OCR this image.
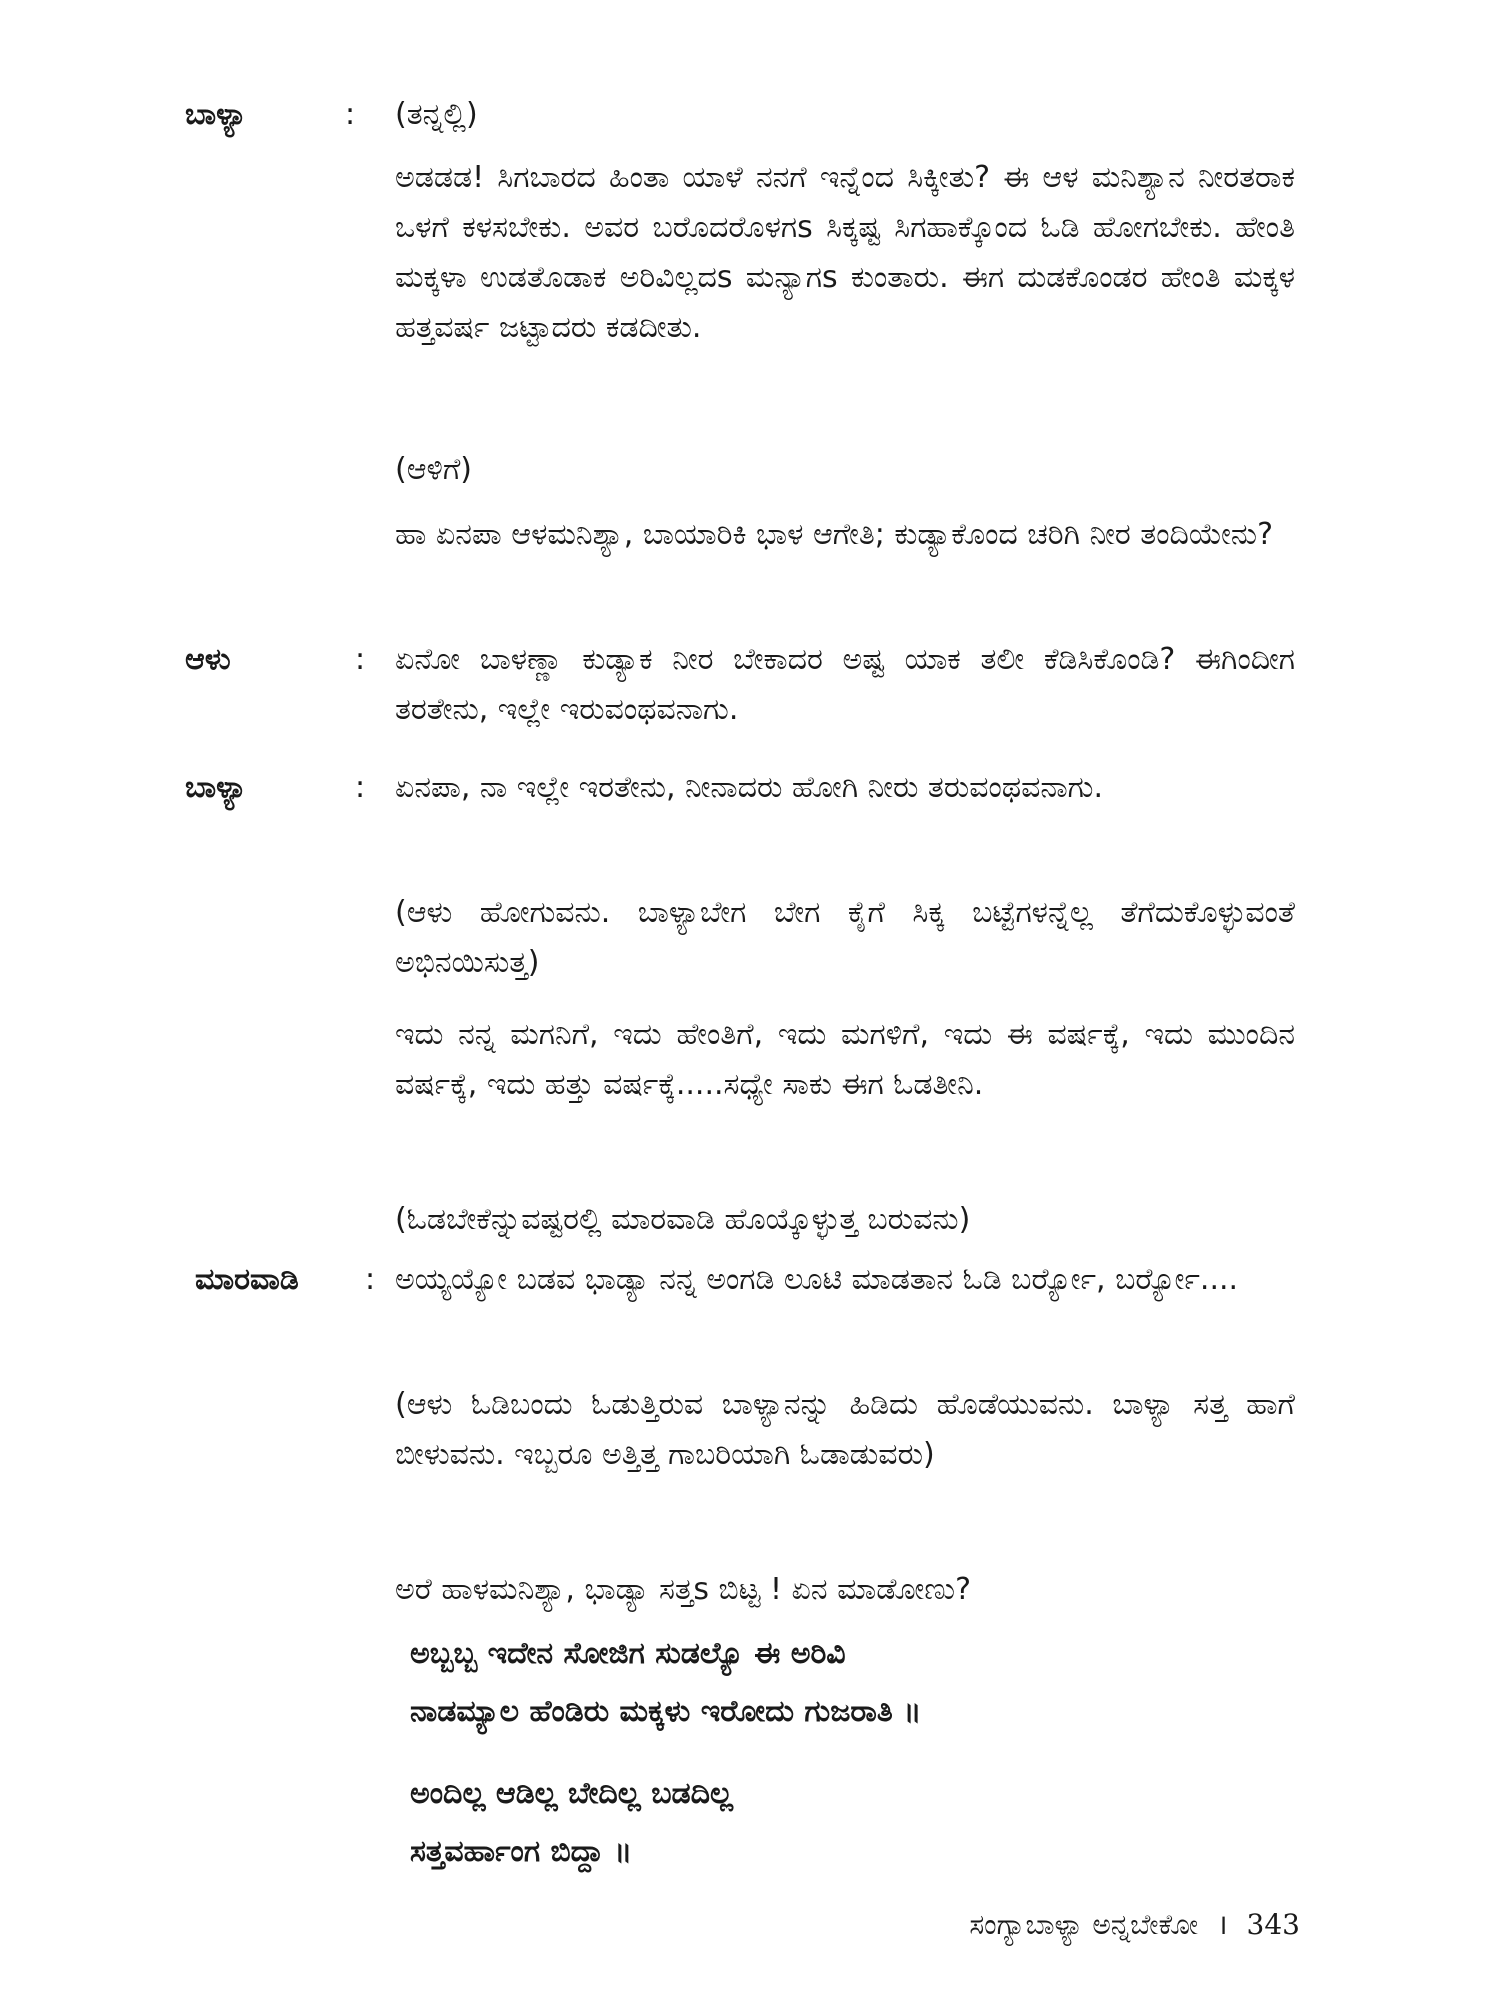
ಬಾಳ್ಯಾ	: (ತನ್ನಲ್ಲಿ)

ಅಡಡಡ! ಸಿಗಬಾರದ ಹಿಂತಾ ಯಾಳೆ ನನಗೆ ಇನ್ನೆಂದ ಸಿಕ್ಕೀತು? ಈ ಆಳ ಮನಿಶ್ಯಾನ ನೀರತರಾಕ ಒಳಗೆ ಕಳಸಬೇಕು. ಅವರ ಬರೊದರೊಳಗs ಸಿಕ್ಕಷ್ಟ ಸಿಗಹಾಕ್ಕೊಂದ ಓಡಿ ಹೋಗಬೇಕು. ಹೇಂತಿ ಮಕ್ಕಳಾ ಉಡತೊಡಾಕ ಅರಿವಿಲ್ಲದs ಮನ್ಯಾಗs ಕುಂತಾರು. ಈಗ ದುಡಕೊಂಡರ ಹೇಂತಿ ಮಕ್ಕಳ ಹತ್ತವರ್ಷ ಜಟ್ಟಾದರು ಕಡದೀತು.

(ಆಳಿಗೆ)

ಹಾ ಏನಪಾ ಆಳಮನಿಶ್ಯಾ, ಬಾಯಾರಿಕಿ ಭಾಳ ಆಗೇತಿ; ಕುಡ್ಯಾಕೊಂದ ಚರಿಗಿ ನೀರ ತಂದಿಯೇನು?

ಆಳು	: ಏನೋ ಬಾಳಣ್ಣಾ ಕುಡ್ಯಾಕ ನೀರ ಬೇಕಾದರ ಅಷ್ಟ ಯಾಕ ತಲೀ ಕೆಡಿಸಿಕೊಂಡಿ? ಈಗಿಂದೀಗ ತರತೇನು, ಇಲ್ಲೇ ಇರುವಂಥವನಾಗು.

ಬಾಳ್ಯಾ	: ಏನಪಾ, ನಾ ಇಲ್ಲೇ ಇರತೇನು, ನೀನಾದರು ಹೋಗಿ ನೀರು ತರುವಂಥವನಾಗು.

(ಆಳು ಹೋಗುವನು. ಬಾಳ್ಯಾಬೇಗ ಬೇಗ ಕೈಗೆ ಸಿಕ್ಕ ಬಟ್ಟೆಗಳನ್ನೆಲ್ಲ ತೆಗೆದುಕೊಳ್ಳುವಂತೆ ಅಭಿನಯಿಸುತ್ತ)

ಇದು ನನ್ನ ಮಗನಿಗೆ, ಇದು ಹೇಂತಿಗೆ, ಇದು ಮಗಳಿಗೆ, ಇದು ಈ ವರ್ಷಕ್ಕೆ, ಇದು ಮುಂದಿನ ವರ್ಷಕ್ಕೆ, ಇದು ಹತ್ತು ವರ್ಷಕ್ಕೆ.....ಸಧ್ಯೇ ಸಾಕು ಈಗ ಓಡತೀನಿ.

(ಓಡಬೇಕೆನ್ನುವಷ್ಟರಲ್ಲಿ ಮಾರವಾಡಿ ಹೊಯ್ಕೊಳ್ಳುತ್ತ ಬರುವನು)

ಮಾರವಾಡಿ	: ಅಯ್ಯಯ್ಯೋ ಬಡವ ಭಾಡ್ಯಾ ನನ್ನ ಅಂಗಡಿ ಲೂಟಿ ಮಾಡತಾನ ಓಡಿ ಬರ್ರ್ಯೋ, ಬರ್ರ್ಯೋ....

(ಆಳು ಓಡಿಬಂದು ಓಡುತ್ತಿರುವ ಬಾಳ್ಯಾನನ್ನು ಹಿಡಿದು ಹೊಡೆಯುವನು. ಬಾಳ್ಯಾ ಸತ್ತ ಹಾಗೆ ಬೀಳುವನು. ಇಬ್ಬರೂ ಅತ್ತಿತ್ತ ಗಾಬರಿಯಾಗಿ ಓಡಾಡುವರು)

ಅರೆ ಹಾಳಮನಿಶ್ಯಾ, ಭಾಡ್ಯಾ ಸತ್ತs ಬಿಟ್ಟ ! ಏನ ಮಾಡೋಣು?

ಅಬ್ಬಬ್ಬ ಇದೇನ ಸೋಜಿಗ ಸುಡಲ್ಯೊ ಈ ಅರಿವಿ
ನಾಡಮ್ಯಾಲ ಹೆಂಡಿರು ಮಕ್ಕಳು ಇರೋದು ಗುಜರಾತಿ ॥
ಅಂದಿಲ್ಲ ಆಡಿಲ್ಲ ಬೇದಿಲ್ಲ ಬಡದಿಲ್ಲ
ಸತ್ತವರ್ಹಾಂಗ ಬಿದ್ದಾ ॥
ಸಂಗ್ಯಾಬಾಳ್ಯಾ ಅನ್ನಬೇಕೋ । 343
